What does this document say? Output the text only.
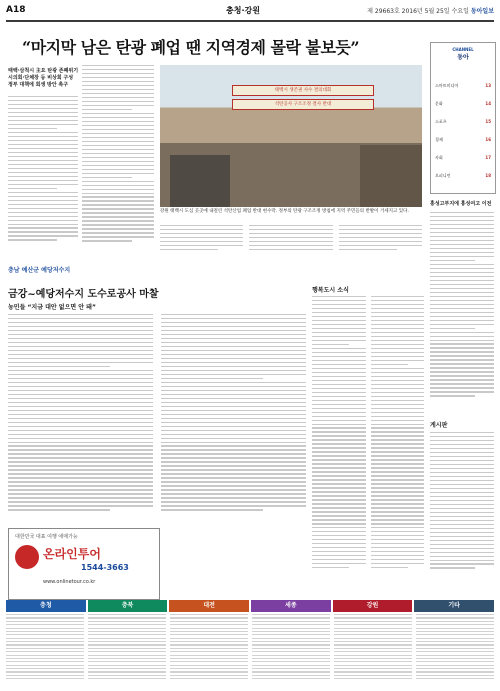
A18	충청·강원	제 29663호 2016년 5월 25일 수요일 동아일보
“마지막 남은 탄광 폐업 땐 지역경제 몰락 불보듯”
태백·삼척시 主요 탄광 존폐위기
시의회·단체장 등 비상회 구성
정부 대책에 회생 방안 촉구
태백시 생존권 사수 결의대회
석탄공사 구조조정 결사 반대
강원 태백시 도심 곳곳에 내걸린 석탄산업 폐업 반대 현수막. 정부의 탄광 구조조정 방침에 지역 주민들의 반발이 거세지고 있다.
CHANNEL
동아
스마트미디어	13
문화	14
스포츠	15
경제	16
사회	17
오피니언	18
홍성고부지에 홍성여고 이전
게시판
금강~예당저수지 도수로공사 마찰
농민들 “지금 대안 없으면 안 돼”
충남 예산군 예당저수지
행복도시 소식
대한민국 대표 여행 애매가능
온라인투어
1544-3663
www.onlinetour.co.kr
충청	충북	대전	세종	강원	기타
